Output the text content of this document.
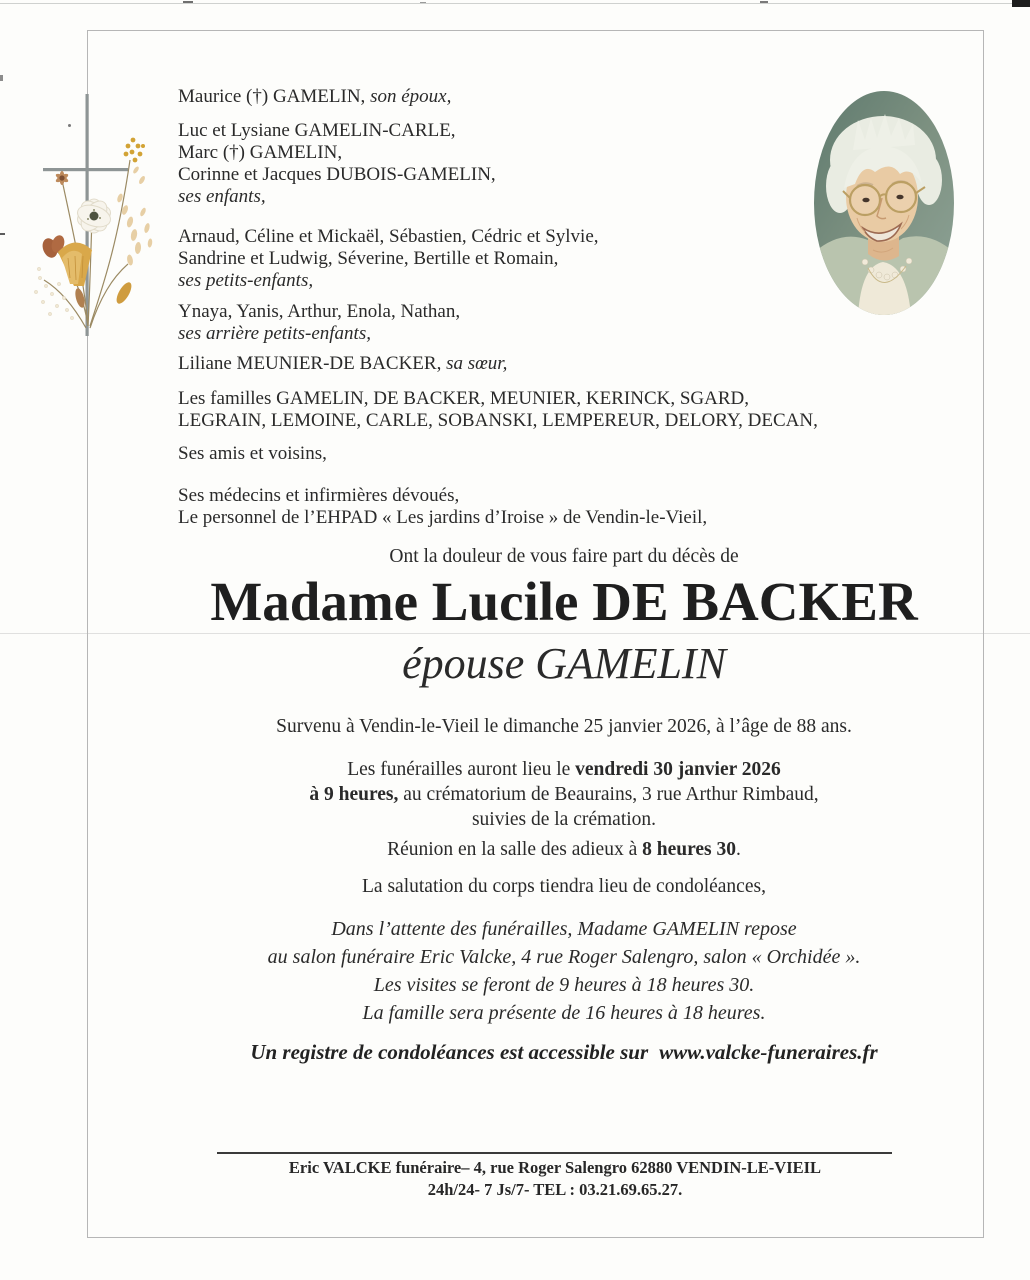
Maurice (†) GAMELIN, son époux,
Luc et Lysiane GAMELIN-CARLE,
Marc (†) GAMELIN,
Corinne et Jacques DUBOIS-GAMELIN,
ses enfants,
Arnaud, Céline et Mickaël, Sébastien, Cédric et Sylvie,
Sandrine et Ludwig, Séverine, Bertille et Romain,
ses petits-enfants,
Ynaya, Yanis, Arthur, Enola, Nathan,
ses arrière petits-enfants,
Liliane MEUNIER-DE BACKER, sa sœur,
Les familles GAMELIN, DE BACKER, MEUNIER, KERINCK, SGARD,
LEGRAIN, LEMOINE, CARLE, SOBANSKI, LEMPEREUR, DELORY, DECAN,
Ses amis et voisins,
Ses médecins et infirmières dévoués,
Le personnel de l’EHPAD « Les jardins d’Iroise » de Vendin-le-Vieil,
Ont la douleur de vous faire part du décès de
Madame Lucile DE BACKER
épouse GAMELIN
Survenu à Vendin-le-Vieil le dimanche 25 janvier 2026, à l’âge de 88 ans.
Les funérailles auront lieu le vendredi 30 janvier 2026
à 9 heures, au crématorium de Beaurains, 3 rue Arthur Rimbaud,
suivies de la crémation.
Réunion en la salle des adieux à 8 heures 30.
La salutation du corps tiendra lieu de condoléances,
Dans l’attente des funérailles, Madame GAMELIN repose
au salon funéraire Eric Valcke, 4 rue Roger Salengro, salon « Orchidée ».
Les visites se feront de 9 heures à 18 heures 30.
La famille sera présente de 16 heures à 18 heures.
Un registre de condoléances est accessible sur www.valcke-funeraires.fr
Eric VALCKE funéraire– 4, rue Roger Salengro 62880 VENDIN-LE-VIEIL
24h/24- 7 Js/7- TEL : 03.21.69.65.27.
